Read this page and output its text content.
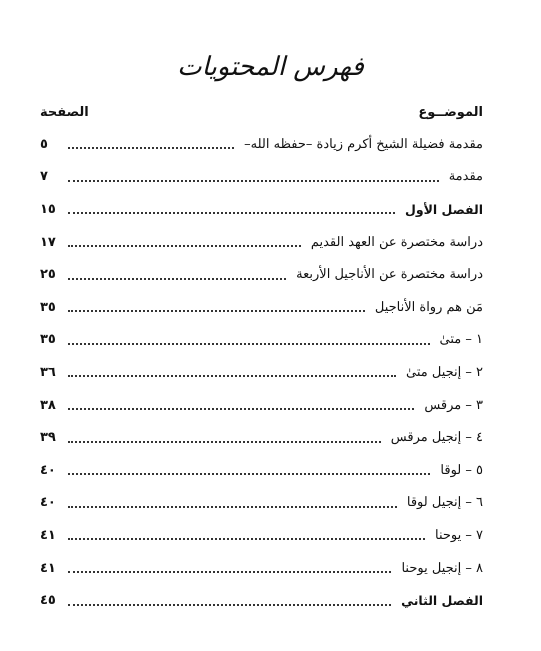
فهرس المحتويات
الموضــوع
الصفحة
مقدمة فضيلة الشيخ أكرم زيادة –حفظه الله–
٥
مقدمة
٧
الفصل الأول
١٥
دراسة مختصرة عن العهد القديم
١٧
دراسة مختصرة عن الأناجيل الأربعة
٢٥
مَن هم رواة الأناجيل
٣٥
١ – متىٰ
٣٥
٢ – إنجيل متىٰ
٣٦
٣ – مرقس
٣٨
٤ – إنجيل مرقس
٣٩
٥ – لوقا
٤٠
٦ – إنجيل لوقا
٤٠
٧ – يوحنا
٤١
٨ – إنجيل يوحنا
٤١
الفصل الثاني
٤٥
